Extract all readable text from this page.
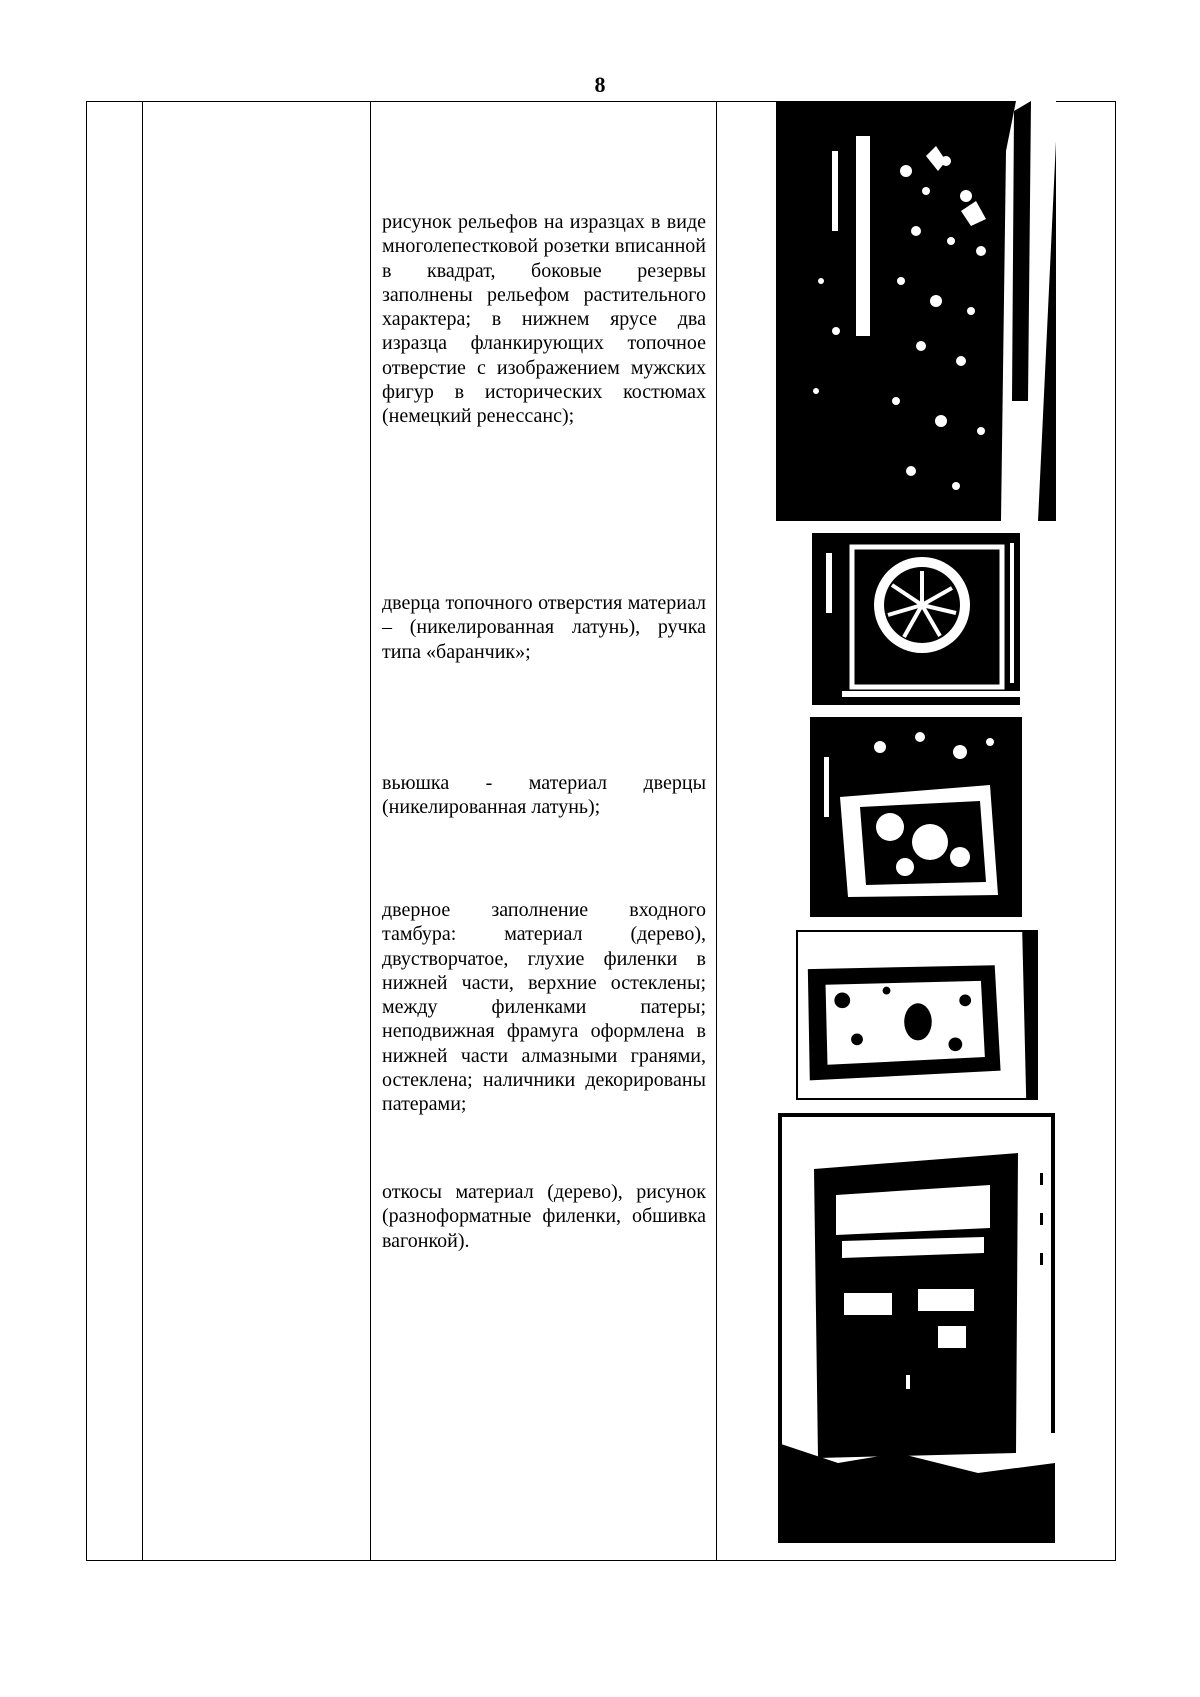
8

рисунок рельефов на изразцах в виде многолепестковой розетки вписанной в квадрат, боковые резервы заполнены рельефом растительного характера; в нижнем ярусе два изразца фланкирующих топочное отверстие с изображением мужских фигур в исторических костюмах (немецкий ренессанс);

дверца топочного отверстия материал – (никелированная латунь), ручка типа «баранчик»;

вьюшка - материал дверцы (никелированная латунь);

дверное заполнение входного тамбура: материал (дерево), двустворчатое, глухие филенки в нижней части, верхние остеклены; между филенками патеры; неподвижная фрамуга оформлена в нижней части алмазными гранями, остеклена; наличники декорированы патерами;

откосы материал (дерево), рисунок (разноформатные филенки, обшивка вагонкой).
